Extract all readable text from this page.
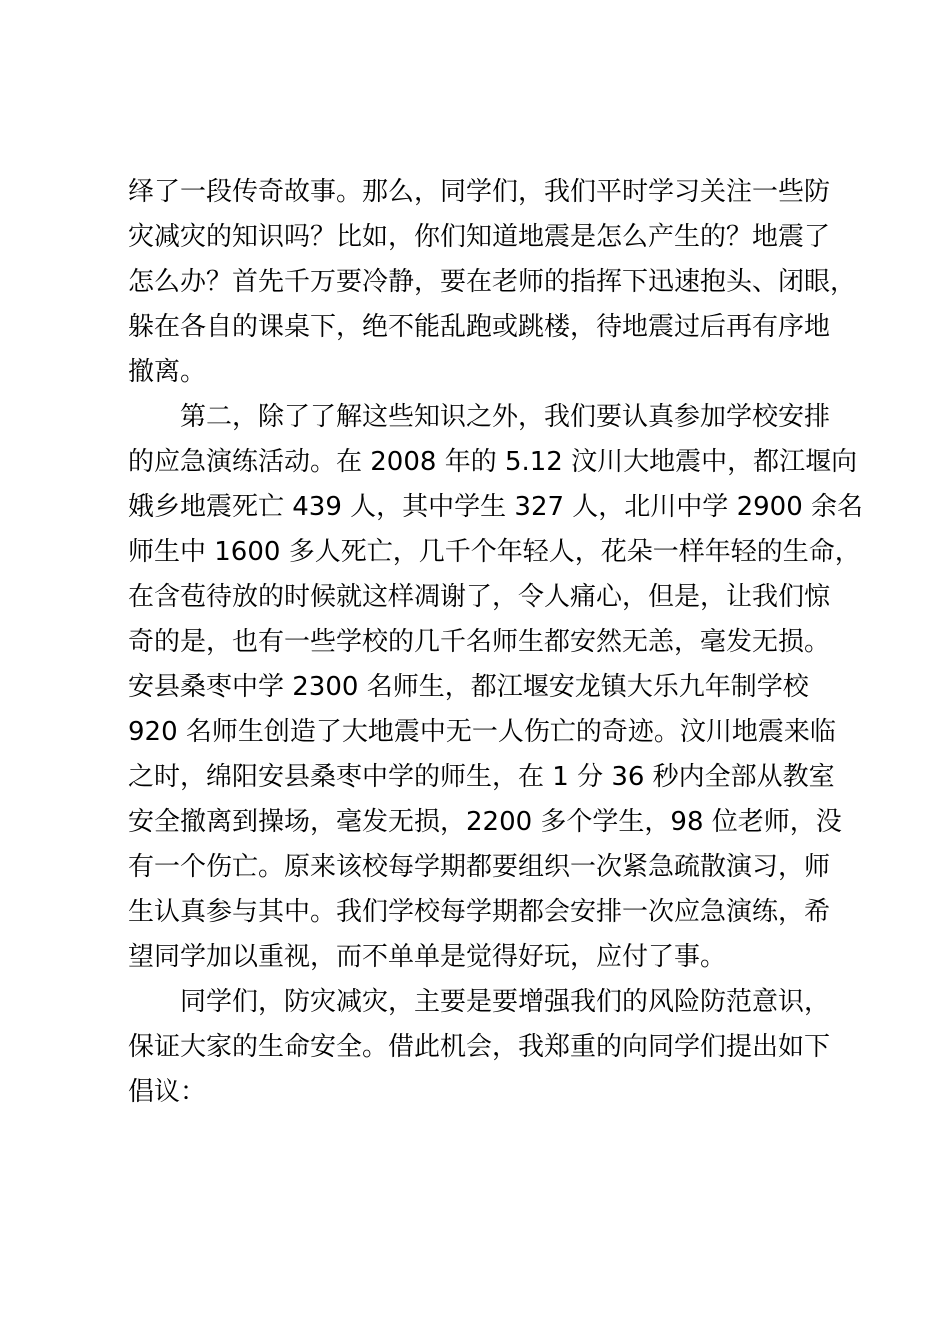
绎了一段传奇故事。那么，同学们，我们平时学习关注一些防
灾减灾的知识吗？比如，你们知道地震是怎么产生的？地震了
怎么办？首先千万要冷静，要在老师的指挥下迅速抱头、闭眼，
躲在各自的课桌下，绝不能乱跑或跳楼，待地震过后再有序地
撤离。
　　第二，除了了解这些知识之外，我们要认真参加学校安排
的应急演练活动。在 2008 年的 5.12 汶川大地震中，都江堰向
娥乡地震死亡 439 人，其中学生 327 人，北川中学 2900 余名
师生中 1600 多人死亡，几千个年轻人，花朵一样年轻的生命，
在含苞待放的时候就这样凋谢了，令人痛心，但是，让我们惊
奇的是，也有一些学校的几千名师生都安然无恙，毫发无损。
安县桑枣中学 2300 名师生，都江堰安龙镇大乐九年制学校
920 名师生创造了大地震中无一人伤亡的奇迹。汶川地震来临
之时，绵阳安县桑枣中学的师生，在 1 分 36 秒内全部从教室
安全撤离到操场，毫发无损，2200 多个学生，98 位老师，没
有一个伤亡。原来该校每学期都要组织一次紧急疏散演习，师
生认真参与其中。我们学校每学期都会安排一次应急演练，希
望同学加以重视，而不单单是觉得好玩，应付了事。
　　同学们，防灾减灾，主要是要增强我们的风险防范意识，
保证大家的生命安全。借此机会，我郑重的向同学们提出如下
倡议：
